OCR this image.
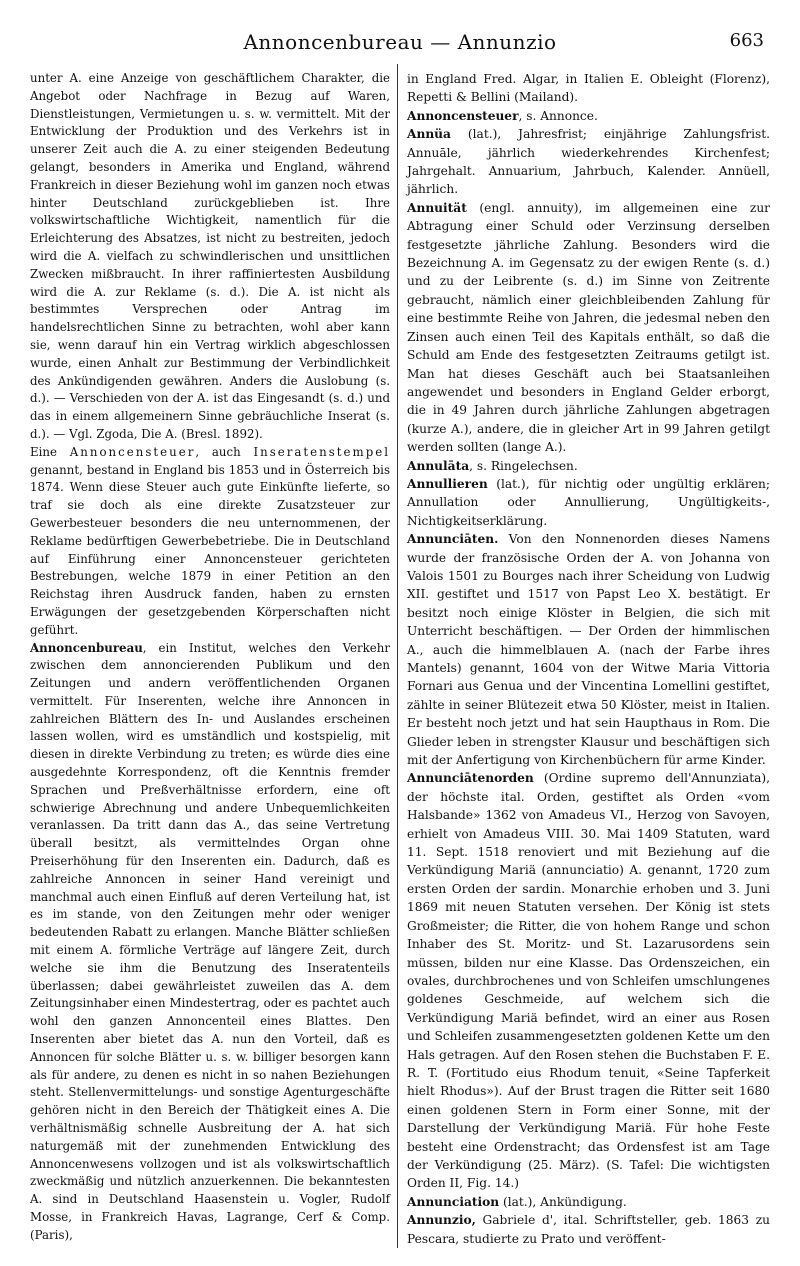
Annoncenbureau — Annunzio	663

unter A. eine Anzeige von geschäftlichem Charakter, die Angebot oder Nachfrage in Bezug auf Waren, Dienstleistungen, Vermietungen u. s. w. vermittelt. Mit der Entwicklung der Produktion und des Verkehrs ist in unserer Zeit auch die A. zu einer steigenden Bedeutung gelangt, besonders in Amerika und England, während Frankreich in dieser Beziehung wohl im ganzen noch etwas hinter Deutschland zurückgeblieben ist. Ihre volkswirtschaftliche Wichtigkeit, namentlich für die Erleichterung des Absatzes, ist nicht zu bestreiten, jedoch wird die A. vielfach zu schwindlerischen und unsittlichen Zwecken mißbraucht. In ihrer raffiniertesten Ausbildung wird die A. zur Reklame (s. d.). Die A. ist nicht als bestimmtes Versprechen oder Antrag im handelsrechtlichen Sinne zu betrachten, wohl aber kann sie, wenn darauf hin ein Vertrag wirklich abgeschlossen wurde, einen Anhalt zur Bestimmung der Verbindlichkeit des Ankündigenden gewähren. Anders die Auslobung (s. d.). — Verschieden von der A. ist das Eingesandt (s. d.) und das in einem allgemeinern Sinne gebräuchliche Inserat (s. d.). — Vgl. Zgoda, Die A. (Bresl. 1892).

Eine Annoncensteuer, auch Inseratenstempel genannt, bestand in England bis 1853 und in Österreich bis 1874. Wenn diese Steuer auch gute Einkünfte lieferte, so traf sie doch als eine direkte Zusatzsteuer zur Gewerbesteuer besonders die neu unternommenen, der Reklame bedürftigen Gewerbebetriebe. Die in Deutschland auf Einführung einer Annoncensteuer gerichteten Bestrebungen, welche 1879 in einer Petition an den Reichstag ihren Ausdruck fanden, haben zu ernsten Erwägungen der gesetzgebenden Körperschaften nicht geführt.

Annoncenbureau, ein Institut, welches den Verkehr zwischen dem annoncierenden Publikum und den Zeitungen und andern veröffentlichenden Organen vermittelt. Für Inserenten, welche ihre Annoncen in zahlreichen Blättern des In- und Auslandes erscheinen lassen wollen, wird es umständlich und kostspielig, mit diesen in direkte Verbindung zu treten; es würde dies eine ausgedehnte Korrespondenz, oft die Kenntnis fremder Sprachen und Preßverhältnisse erfordern, eine oft schwierige Abrechnung und andere Unbequemlichkeiten veranlassen. Da tritt dann das A., das seine Vertretung überall besitzt, als vermittelndes Organ ohne Preiserhöhung für den Inserenten ein. Dadurch, daß es zahlreiche Annoncen in seiner Hand vereinigt und manchmal auch einen Einfluß auf deren Verteilung hat, ist es im stande, von den Zeitungen mehr oder weniger bedeutenden Rabatt zu erlangen. Manche Blätter schließen mit einem A. förmliche Verträge auf längere Zeit, durch welche sie ihm die Benutzung des Inseratenteils überlassen; dabei gewährleistet zuweilen das A. dem Zeitungsinhaber einen Mindestertrag, oder es pachtet auch wohl den ganzen Annoncenteil eines Blattes. Den Inserenten aber bietet das A. nun den Vorteil, daß es Annoncen für solche Blätter u. s. w. billiger besorgen kann als für andere, zu denen es nicht in so nahen Beziehungen steht. Stellenvermittelungs- und sonstige Agenturgeschäfte gehören nicht in den Bereich der Thätigkeit eines A. Die verhältnismäßig schnelle Ausbreitung der A. hat sich naturgemäß mit der zunehmenden Entwicklung des Annoncenwesens vollzogen und ist als volkswirtschaftlich zweckmäßig und nützlich anzuerkennen. Die bekanntesten A. sind in Deutschland Haasenstein u. Vogler, Rudolf Mosse, in Frankreich Havas, Lagrange, Cerf & Comp. (Paris),

in England Fred. Algar, in Italien E. Obleight (Florenz), Repetti & Bellini (Mailand).

Annoncensteuer, s. Annonce.

Annüa (lat.), Jahresfrist; einjährige Zahlungsfrist. Annuāle, jährlich wiederkehrendes Kirchenfest; Jahrgehalt. Annuarium, Jahrbuch, Kalender. Annüell, jährlich.

Annuität (engl. annuity), im allgemeinen eine zur Abtragung einer Schuld oder Verzinsung derselben festgesetzte jährliche Zahlung. Besonders wird die Bezeichnung A. im Gegensatz zu der ewigen Rente (s. d.) und zu der Leibrente (s. d.) im Sinne von Zeitrente gebraucht, nämlich einer gleichbleibenden Zahlung für eine bestimmte Reihe von Jahren, die jedesmal neben den Zinsen auch einen Teil des Kapitals enthält, so daß die Schuld am Ende des festgesetzten Zeitraums getilgt ist. Man hat dieses Geschäft auch bei Staatsanleihen angewendet und besonders in England Gelder erborgt, die in 49 Jahren durch jährliche Zahlungen abgetragen (kurze A.), andere, die in gleicher Art in 99 Jahren getilgt werden sollten (lange A.).

Annulāta, s. Ringelechsen.

Annullieren (lat.), für nichtig oder ungültig erklären; Annullation oder Annullierung, Ungültigkeits-, Nichtigkeitserklärung.

Annunciāten. Von den Nonnenorden dieses Namens wurde der französische Orden der A. von Johanna von Valois 1501 zu Bourges nach ihrer Scheidung von Ludwig XII. gestiftet und 1517 von Papst Leo X. bestätigt. Er besitzt noch einige Klöster in Belgien, die sich mit Unterricht beschäftigen. — Der Orden der himmlischen A., auch die himmelblauen A. (nach der Farbe ihres Mantels) genannt, 1604 von der Witwe Maria Vittoria Fornari aus Genua und der Vincentina Lomellini gestiftet, zählte in seiner Blütezeit etwa 50 Klöster, meist in Italien. Er besteht noch jetzt und hat sein Haupthaus in Rom. Die Glieder leben in strengster Klausur und beschäftigen sich mit der Anfertigung von Kirchenbüchern für arme Kinder.

Annunciātenorden (Ordine supremo dell'Annunziata), der höchste ital. Orden, gestiftet als Orden «vom Halsbande» 1362 von Amadeus VI., Herzog von Savoyen, erhielt von Amadeus VIII. 30. Mai 1409 Statuten, ward 11. Sept. 1518 renoviert und mit Beziehung auf die Verkündigung Mariä (annunciatio) A. genannt, 1720 zum ersten Orden der sardin. Monarchie erhoben und 3. Juni 1869 mit neuen Statuten versehen. Der König ist stets Großmeister; die Ritter, die von hohem Range und schon Inhaber des St. Moritz- und St. Lazarusordens sein müssen, bilden nur eine Klasse. Das Ordenszeichen, ein ovales, durchbrochenes und von Schleifen umschlungenes goldenes Geschmeide, auf welchem sich die Verkündigung Mariä befindet, wird an einer aus Rosen und Schleifen zusammengesetzten goldenen Kette um den Hals getragen. Auf den Rosen stehen die Buchstaben F. E. R. T. (Fortitudo eius Rhodum tenuit, «Seine Tapferkeit hielt Rhodus»). Auf der Brust tragen die Ritter seit 1680 einen goldenen Stern in Form einer Sonne, mit der Darstellung der Verkündigung Mariä. Für hohe Feste besteht eine Ordenstracht; das Ordensfest ist am Tage der Verkündigung (25. März). (S. Tafel: Die wichtigsten Orden II, Fig. 14.)

Annunciation (lat.), Ankündigung.

Annunzio, Gabriele d', ital. Schriftsteller, geb. 1863 zu Pescara, studierte zu Prato und veröffent-
